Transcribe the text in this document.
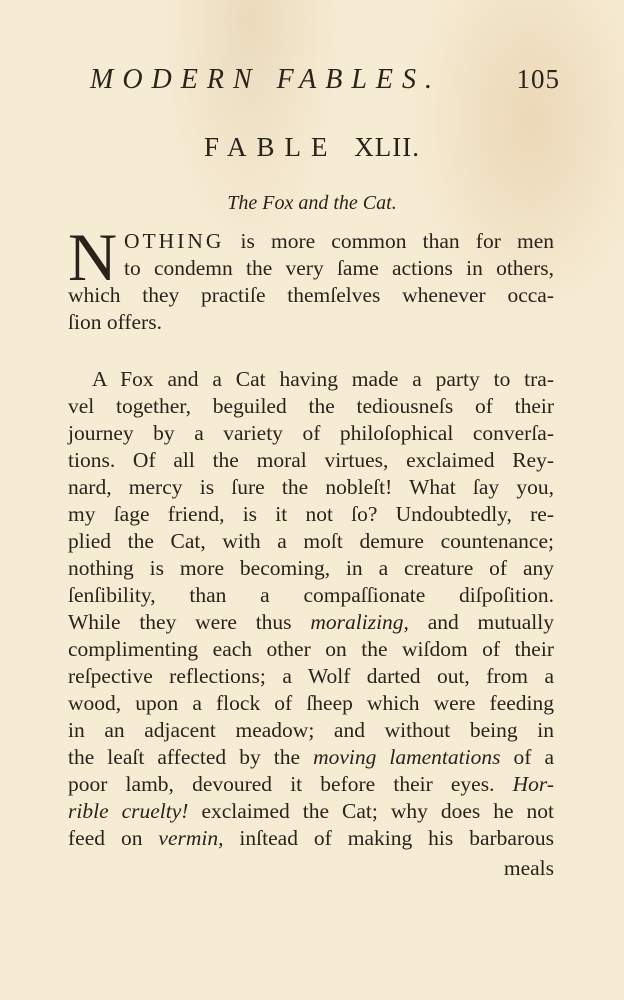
MODERN FABLES.	105
FABLE XLII.
The Fox and the Cat.
N OTHING is more common than for men
to condemn the very ſame actions in others,
which they practiſe themſelves whenever occa-
ſion offers.
A Fox and a Cat having made a party to tra-
vel together, beguiled the tediousneſs of their
journey by a variety of philoſophical converſa-
tions. Of all the moral virtues, exclaimed Rey-
nard, mercy is ſure the nobleſt! What ſay you,
my ſage friend, is it not ſo? Undoubtedly, re-
plied the Cat, with a moſt demure countenance;
nothing is more becoming, in a creature of any
ſenſibility, than a compaſſionate diſpoſition.
While they were thus moralizing, and mutually
complimenting each other on the wiſdom of their
reſpective reflections; a Wolf darted out, from a
wood, upon a flock of ſheep which were feeding
in an adjacent meadow; and without being in
the leaſt affected by the moving lamentations of a
poor lamb, devoured it before their eyes. Hor-
rible cruelty! exclaimed the Cat; why does he not
feed on vermin, inſtead of making his barbarous
meals
